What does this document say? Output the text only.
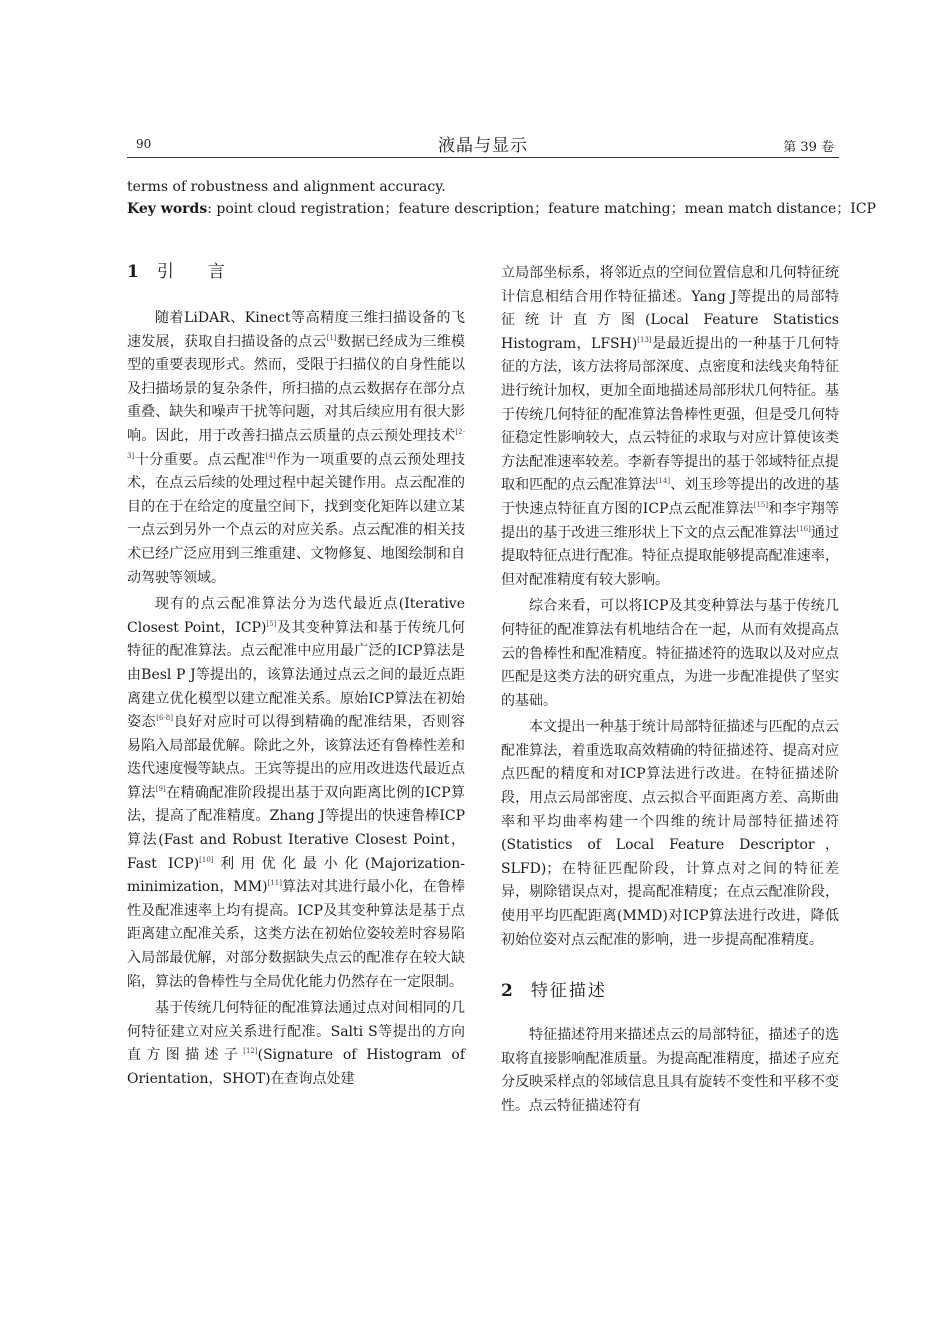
90	液晶与显示	第 39 卷
terms of robustness and alignment accuracy.
Key words: point cloud registration；feature description；feature matching；mean match distance；ICP
1 引言

随着LiDAR、Kinect等高精度三维扫描设备的飞速发展，获取自扫描设备的点云[1]数据已经成为三维模型的重要表现形式。然而，受限于扫描仪的自身性能以及扫描场景的复杂条件，所扫描的点云数据存在部分点重叠、缺失和噪声干扰等问题，对其后续应用有很大影响。因此，用于改善扫描点云质量的点云预处理技术[2-3]十分重要。点云配准[4]作为一项重要的点云预处理技术，在点云后续的处理过程中起关键作用。点云配准的目的在于在给定的度量空间下，找到变化矩阵以建立某一点云到另外一个点云的对应关系。点云配准的相关技术已经广泛应用到三维重建、文物修复、地图绘制和自动驾驶等领域。

现有的点云配准算法分为迭代最近点(Iterative Closest Point，ICP)[5]及其变种算法和基于传统几何特征的配准算法。点云配准中应用最广泛的ICP算法是由Besl P J等提出的，该算法通过点云之间的最近点距离建立优化模型以建立配准关系。原始ICP算法在初始姿态[6-8]良好对应时可以得到精确的配准结果，否则容易陷入局部最优解。除此之外，该算法还有鲁棒性差和迭代速度慢等缺点。王宾等提出的应用改进迭代最近点算法[9]在精确配准阶段提出基于双向距离比例的ICP算法，提高了配准精度。Zhang J等提出的快速鲁棒ICP算法(Fast and Robust Iterative Closest Point，Fast ICP)[10]利用优化最小化(Majorization-minimization，MM)[11]算法对其进行最小化，在鲁棒性及配准速率上均有提高。ICP及其变种算法是基于点距离建立配准关系，这类方法在初始位姿较差时容易陷入局部最优解，对部分数据缺失点云的配准存在较大缺陷，算法的鲁棒性与全局优化能力仍然存在一定限制。

基于传统几何特征的配准算法通过点对间相同的几何特征建立对应关系进行配准。Salti S等提出的方向直方图描述子[12](Signature of Histogram of Orientation，SHOT)在查询点处建

立局部坐标系，将邻近点的空间位置信息和几何特征统计信息相结合用作特征描述。Yang J等提出的局部特征统计直方图(Local Feature Statistics Histogram，LFSH)[13]是最近提出的一种基于几何特征的方法，该方法将局部深度、点密度和法线夹角特征进行统计加权，更加全面地描述局部形状几何特征。基于传统几何特征的配准算法鲁棒性更强，但是受几何特征稳定性影响较大，点云特征的求取与对应计算使该类方法配准速率较差。李新春等提出的基于邻域特征点提取和匹配的点云配准算法[14]、刘玉珍等提出的改进的基于快速点特征直方图的ICP点云配准算法[15]和李宇翔等提出的基于改进三维形状上下文的点云配准算法[16]通过提取特征点进行配准。特征点提取能够提高配准速率，但对配准精度有较大影响。

综合来看，可以将ICP及其变种算法与基于传统几何特征的配准算法有机地结合在一起，从而有效提高点云的鲁棒性和配准精度。特征描述符的选取以及对应点匹配是这类方法的研究重点，为进一步配准提供了坚实的基础。

本文提出一种基于统计局部特征描述与匹配的点云配准算法，着重选取高效精确的特征描述符、提高对应点匹配的精度和对ICP算法进行改进。在特征描述阶段，用点云局部密度、点云拟合平面距离方差、高斯曲率和平均曲率构建一个四维的统计局部特征描述符(Statistics of Local Feature Descriptor，SLFD)；在特征匹配阶段，计算点对之间的特征差异，剔除错误点对，提高配准精度；在点云配准阶段，使用平均匹配距离(MMD)对ICP算法进行改进，降低初始位姿对点云配准的影响，进一步提高配准精度。

2 特征描述

特征描述符用来描述点云的局部特征，描述子的选取将直接影响配准质量。为提高配准精度，描述子应充分反映采样点的邻域信息且具有旋转不变性和平移不变性。点云特征描述符有
